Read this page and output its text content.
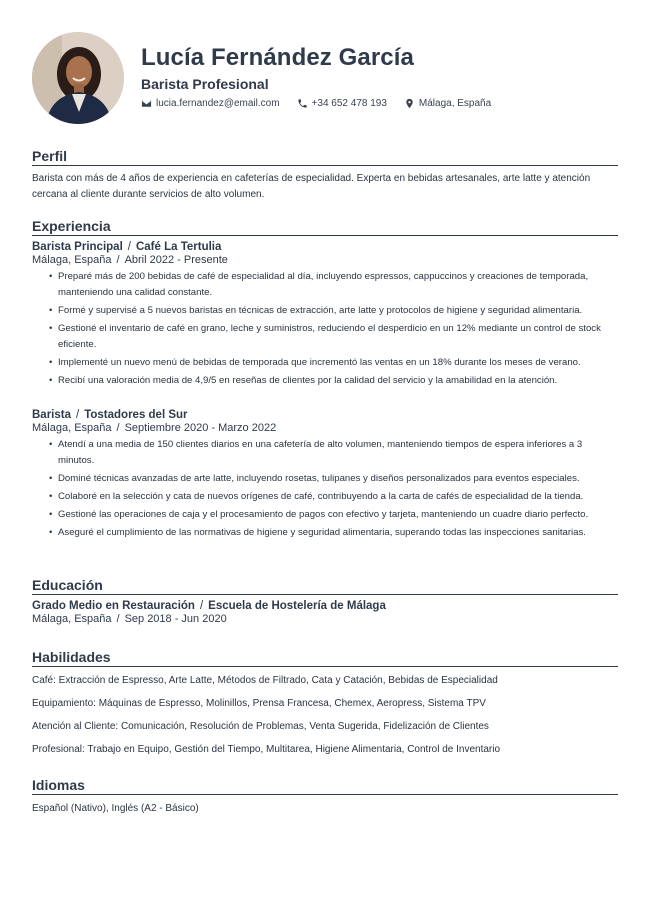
Lucía Fernández García
Barista Profesional
lucia.fernandez@email.com	+34 652 478 193	Málaga, España
Perfil

Barista con más de 4 años de experiencia en cafeterías de especialidad. Experta en bebidas artesanales, arte latte y atención cercana al cliente durante servicios de alto volumen.

Experiencia

Barista Principal / Café La Tertulia

Málaga, España / Abril 2022 - Presente

• Preparé más de 200 bebidas de café de especialidad al día, incluyendo espressos, cappuccinos y creaciones de temporada, manteniendo una calidad constante.
• Formé y supervisé a 5 nuevos baristas en técnicas de extracción, arte latte y protocolos de higiene y seguridad alimentaria.
• Gestioné el inventario de café en grano, leche y suministros, reduciendo el desperdicio en un 12% mediante un control de stock eficiente.
• Implementé un nuevo menú de bebidas de temporada que incrementó las ventas en un 18% durante los meses de verano.
• Recibí una valoración media de 4,9/5 en reseñas de clientes por la calidad del servicio y la amabilidad en la atención.

Barista / Tostadores del Sur

Málaga, España / Septiembre 2020 - Marzo 2022

• Atendí a una media de 150 clientes diarios en una cafetería de alto volumen, manteniendo tiempos de espera inferiores a 3 minutos.
• Dominé técnicas avanzadas de arte latte, incluyendo rosetas, tulipanes y diseños personalizados para eventos especiales.
• Colaboré en la selección y cata de nuevos orígenes de café, contribuyendo a la carta de cafés de especialidad de la tienda.
• Gestioné las operaciones de caja y el procesamiento de pagos con efectivo y tarjeta, manteniendo un cuadre diario perfecto.
• Aseguré el cumplimiento de las normativas de higiene y seguridad alimentaria, superando todas las inspecciones sanitarias.
Educación

Grado Medio en Restauración / Escuela de Hostelería de Málaga

Málaga, España / Sep 2018 - Jun 2020

Habilidades

Café: Extracción de Espresso, Arte Latte, Métodos de Filtrado, Cata y Catación, Bebidas de Especialidad

Equipamiento: Máquinas de Espresso, Molinillos, Prensa Francesa, Chemex, Aeropress, Sistema TPV

Atención al Cliente: Comunicación, Resolución de Problemas, Venta Sugerida, Fidelización de Clientes

Profesional: Trabajo en Equipo, Gestión del Tiempo, Multitarea, Higiene Alimentaria, Control de Inventario

Idiomas

Español (Nativo), Inglés (A2 - Básico)
